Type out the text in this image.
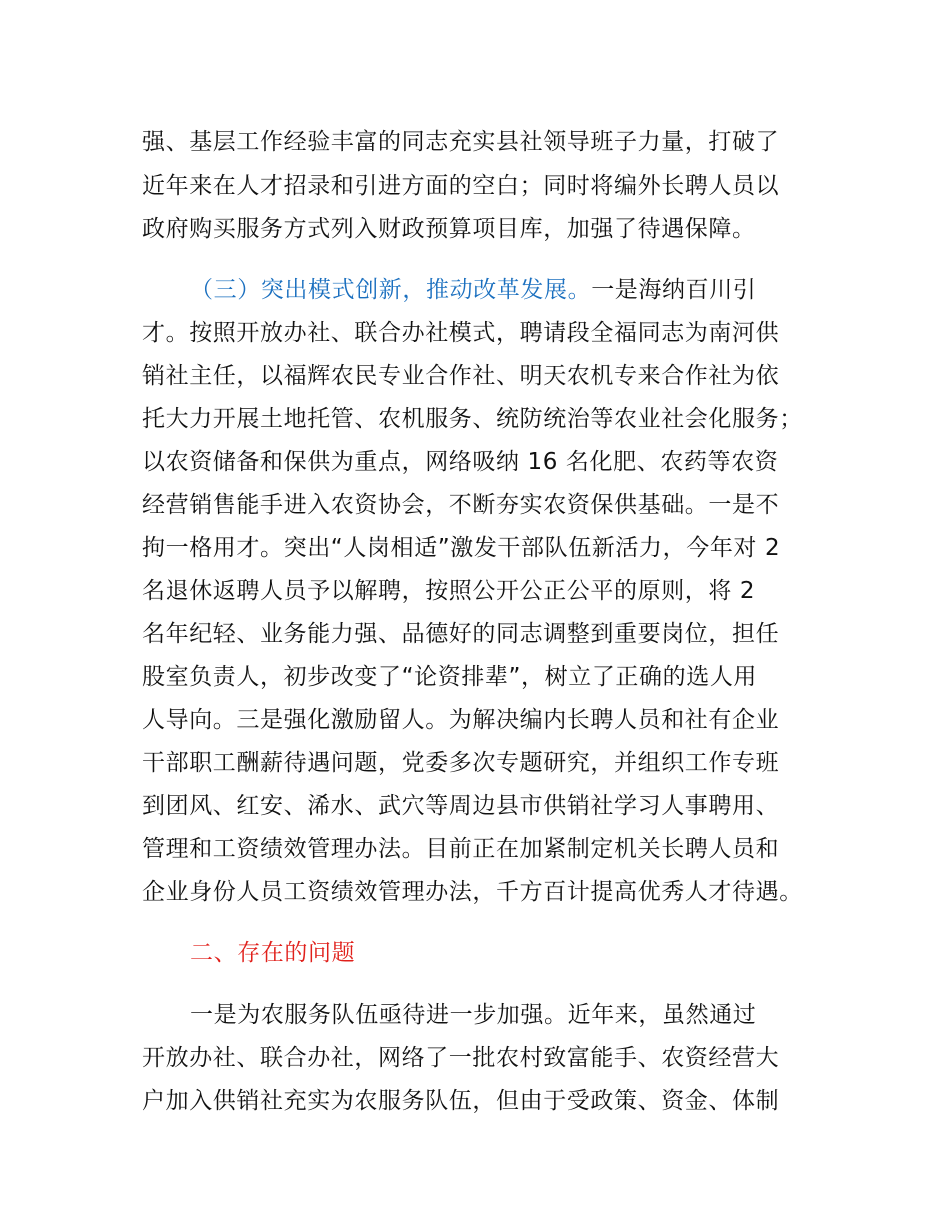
强、基层工作经验丰富的同志充实县社领导班子力量，打破了

近年来在人才招录和引进方面的空白；同时将编外长聘人员以

政府购买服务方式列入财政预算项目库，加强了待遇保障。

（三）突出模式创新，推动改革发展。一是海纳百川引

才。按照开放办社、联合办社模式，聘请段全福同志为南河供

销社主任，以福辉农民专业合作社、明天农机专来合作社为依

托大力开展土地托管、农机服务、统防统治等农业社会化服务；

以农资储备和保供为重点，网络吸纳 16 名化肥、农药等农资

经营销售能手进入农资协会，不断夯实农资保供基础。一是不

拘一格用才。突出“人岗相适”激发干部队伍新活力，今年对 2

名退休返聘人员予以解聘，按照公开公正公平的原则，将 2

名年纪轻、业务能力强、品德好的同志调整到重要岗位，担任

股室负责人，初步改变了“论资排辈”，树立了正确的选人用

人导向。三是强化激励留人。为解决编内长聘人员和社有企业

干部职工酬薪待遇问题，党委多次专题研究，并组织工作专班

到团风、红安、浠水、武穴等周边县市供销社学习人事聘用、

管理和工资绩效管理办法。目前正在加紧制定机关长聘人员和

企业身份人员工资绩效管理办法，千方百计提高优秀人才待遇。

二、存在的问题

一是为农服务队伍亟待进一步加强。近年来，虽然通过

开放办社、联合办社，网络了一批农村致富能手、农资经营大

户加入供销社充实为农服务队伍，但由于受政策、资金、体制
